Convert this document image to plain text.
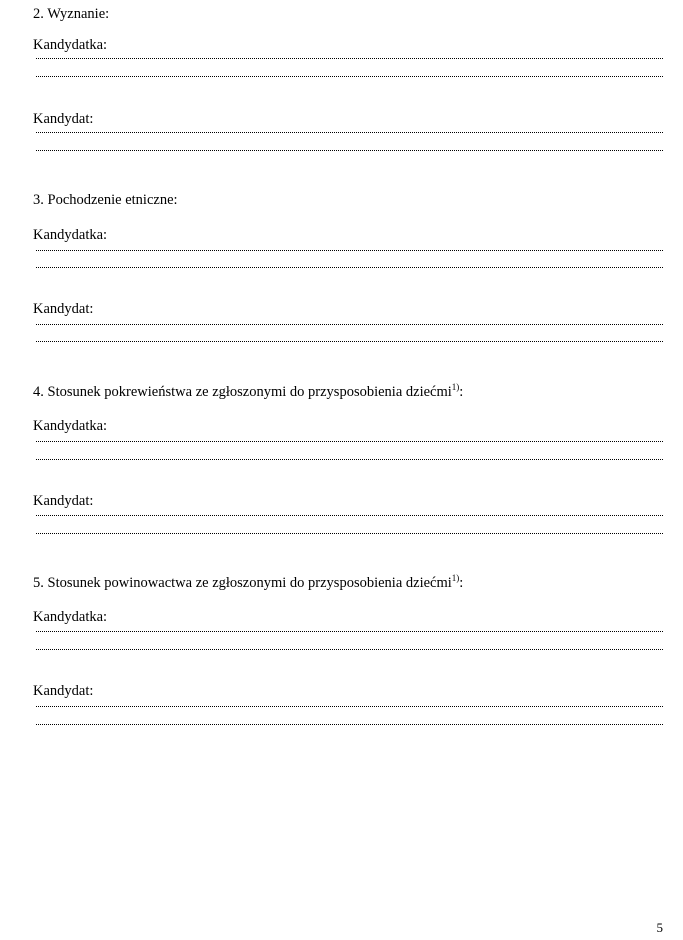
2. Wyznanie:
Kandydatka:
Kandydat:
3. Pochodzenie etniczne:
Kandydatka:
Kandydat:
4. Stosunek pokrewieństwa ze zgłoszonymi do przysposobienia dziećmi$^{1)}$:
Kandydatka:
Kandydat:
5. Stosunek powinowactwa ze zgłoszonymi do przysposobienia dziećmi$^{1)}$:
Kandydatka:
Kandydat:
5
